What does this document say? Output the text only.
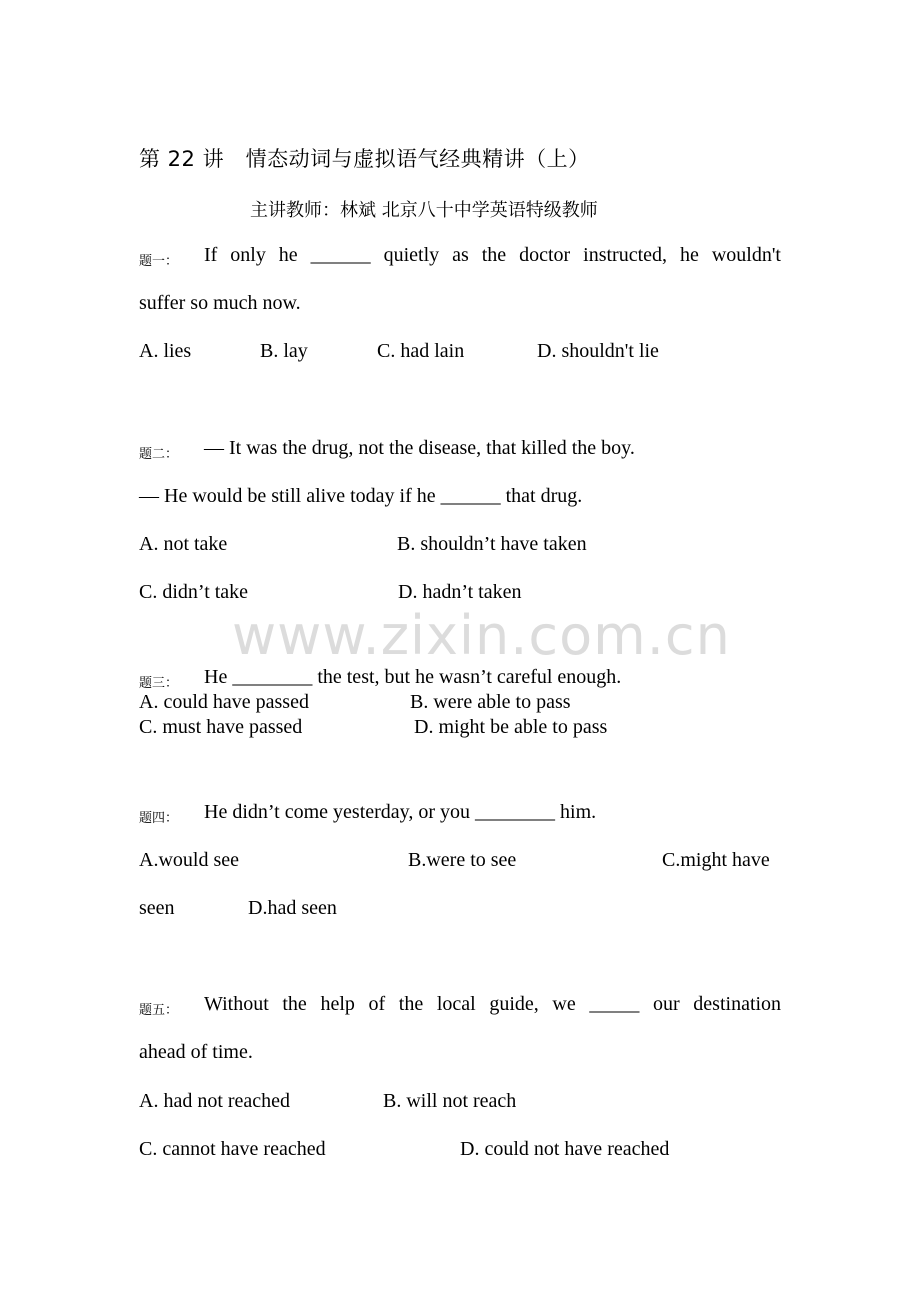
第 22 讲　情态动词与虚拟语气经典精讲（上）
主讲教师：林斌 北京八十中学英语特级教师
题一： If only he ______ quietly as the doctor instructed, he wouldn't
suffer so much now.
A. lies	B. lay	C. had lain	D. shouldn't lie
题二： — It was the drug, not the disease, that killed the boy.
— He would be still alive today if he ______ that drug.
A. not take	B. shouldn’t have taken
C. didn’t take	D. hadn’t taken
www.zixin.com.cn
题三： He ________ the test, but he wasn’t careful enough.
A. could have passed	B. were able to pass
C. must have passed	D. might be able to pass
题四： He didn’t come yesterday, or you ________ him.
A.would see	B.were to see	C.might have
seen	D.had seen
题五： Without the help of the local guide, we _____ our destination
ahead of time.
A. had not reached	B. will not reach
C. cannot have reached	D. could not have reached
